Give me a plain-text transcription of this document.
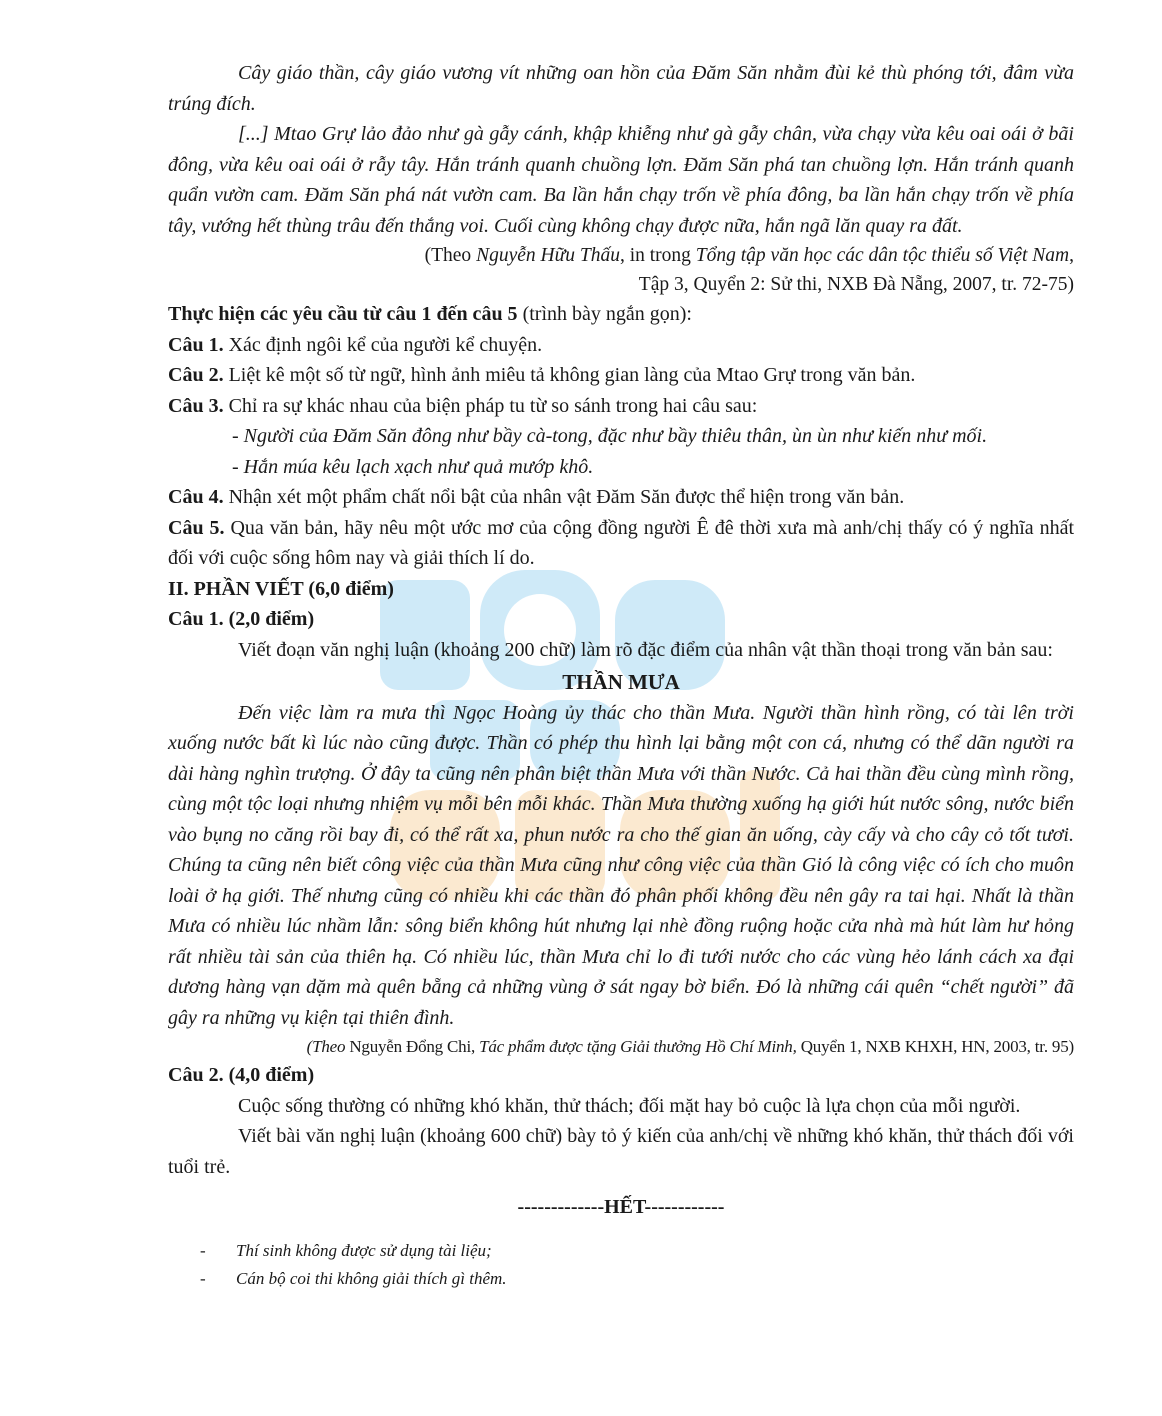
Cây giáo thần, cây giáo vương vít những oan hồn của Đăm Săn nhằm đùi kẻ thù phóng tới, đâm vừa trúng đích.

[...] Mtao Grự lảo đảo như gà gẫy cánh, khập khiễng như gà gẫy chân, vừa chạy vừa kêu oai oái ở bãi đông, vừa kêu oai oái ở rẫy tây. Hắn tránh quanh chuồng lợn. Đăm Săn phá tan chuồng lợn. Hắn tránh quanh quẩn vườn cam. Đăm Săn phá nát vườn cam. Ba lần hắn chạy trốn về phía đông, ba lần hắn chạy trốn về phía tây, vướng hết thùng trâu đến thắng voi. Cuối cùng không chạy được nữa, hắn ngã lăn quay ra đất.

(Theo Nguyễn Hữu Thấu, in trong Tổng tập văn học các dân tộc thiểu số Việt Nam,

Tập 3, Quyển 2: Sử thi, NXB Đà Nẵng, 2007, tr. 72-75)

Thực hiện các yêu cầu từ câu 1 đến câu 5 (trình bày ngắn gọn):

Câu 1. Xác định ngôi kể của người kể chuyện.

Câu 2. Liệt kê một số từ ngữ, hình ảnh miêu tả không gian làng của Mtao Grự trong văn bản.

Câu 3. Chỉ ra sự khác nhau của biện pháp tu từ so sánh trong hai câu sau:

- Người của Đăm Săn đông như bầy cà-tong, đặc như bầy thiêu thân, ùn ùn như kiến như mối.

- Hắn múa kêu lạch xạch như quả mướp khô.

Câu 4. Nhận xét một phẩm chất nổi bật của nhân vật Đăm Săn được thể hiện trong văn bản.

Câu 5. Qua văn bản, hãy nêu một ước mơ của cộng đồng người Ê đê thời xưa mà anh/chị thấy có ý nghĩa nhất đối với cuộc sống hôm nay và giải thích lí do.

II. PHẦN VIẾT (6,0 điểm)

Câu 1. (2,0 điểm)

Viết đoạn văn nghị luận (khoảng 200 chữ) làm rõ đặc điểm của nhân vật thần thoại trong văn bản sau:

THẦN MƯA

Đến việc làm ra mưa thì Ngọc Hoàng ủy thác cho thần Mưa. Người thần hình rồng, có tài lên trời xuống nước bất kì lúc nào cũng được. Thần có phép thu hình lại bằng một con cá, nhưng có thể dãn người ra dài hàng nghìn trượng. Ở đây ta cũng nên phân biệt thần Mưa với thần Nước. Cả hai thần đều cùng mình rồng, cùng một tộc loại nhưng nhiệm vụ mỗi bên mỗi khác. Thần Mưa thường xuống hạ giới hút nước sông, nước biển vào bụng no căng rồi bay đi, có thể rất xa, phun nước ra cho thế gian ăn uống, cày cấy và cho cây cỏ tốt tươi. Chúng ta cũng nên biết công việc của thần Mưa cũng như công việc của thần Gió là công việc có ích cho muôn loài ở hạ giới. Thế nhưng cũng có nhiều khi các thần đó phân phối không đều nên gây ra tai hại. Nhất là thần Mưa có nhiều lúc nhầm lẫn: sông biển không hút nhưng lại nhè đồng ruộng hoặc cửa nhà mà hút làm hư hỏng rất nhiều tài sản của thiên hạ. Có nhiều lúc, thần Mưa chỉ lo đi tưới nước cho các vùng hẻo lánh cách xa đại dương hàng vạn dặm mà quên bẵng cả những vùng ở sát ngay bờ biển. Đó là những cái quên “chết người” đã gây ra những vụ kiện tại thiên đình.

(Theo Nguyễn Đổng Chi, Tác phẩm được tặng Giải thưởng Hồ Chí Minh, Quyển 1, NXB KHXH, HN, 2003, tr. 95)

Câu 2. (4,0 điểm)

Cuộc sống thường có những khó khăn, thử thách; đối mặt hay bỏ cuộc là lựa chọn của mỗi người.

Viết bài văn nghị luận (khoảng 600 chữ) bày tỏ ý kiến của anh/chị về những khó khăn, thử thách đối với tuổi trẻ.

-------------HẾT------------

- Thí sinh không được sử dụng tài liệu;
- Cán bộ coi thi không giải thích gì thêm.
